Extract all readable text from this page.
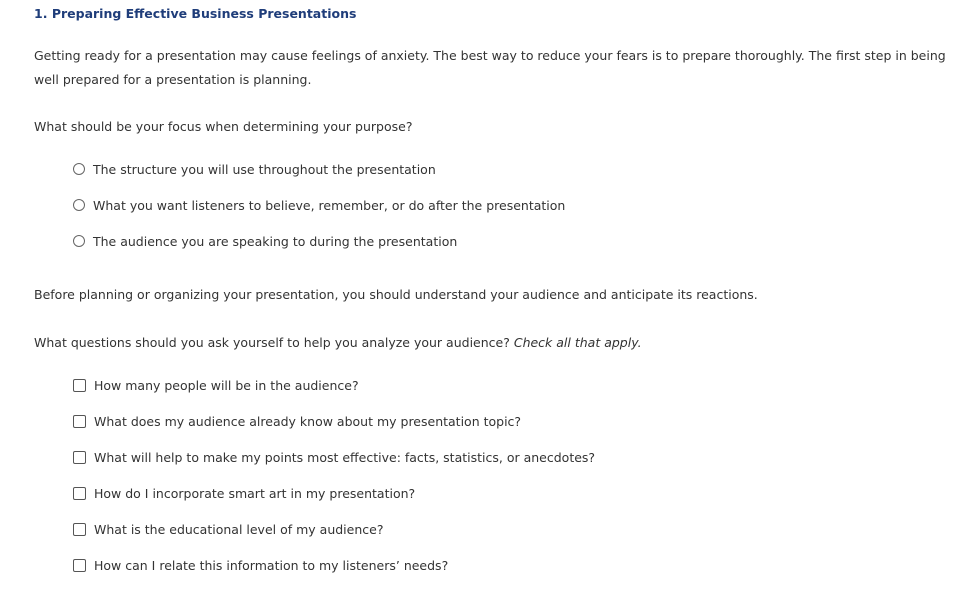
1. Preparing Effective Business Presentations
Getting ready for a presentation may cause feelings of anxiety. The best way to reduce your fears is to prepare thoroughly. The first step in being well prepared for a presentation is planning.
What should be your focus when determining your purpose?
The structure you will use throughout the presentation
What you want listeners to believe, remember, or do after the presentation
The audience you are speaking to during the presentation
Before planning or organizing your presentation, you should understand your audience and anticipate its reactions.
What questions should you ask yourself to help you analyze your audience? Check all that apply.
How many people will be in the audience?
What does my audience already know about my presentation topic?
What will help to make my points most effective: facts, statistics, or anecdotes?
How do I incorporate smart art in my presentation?
What is the educational level of my audience?
How can I relate this information to my listeners’ needs?
